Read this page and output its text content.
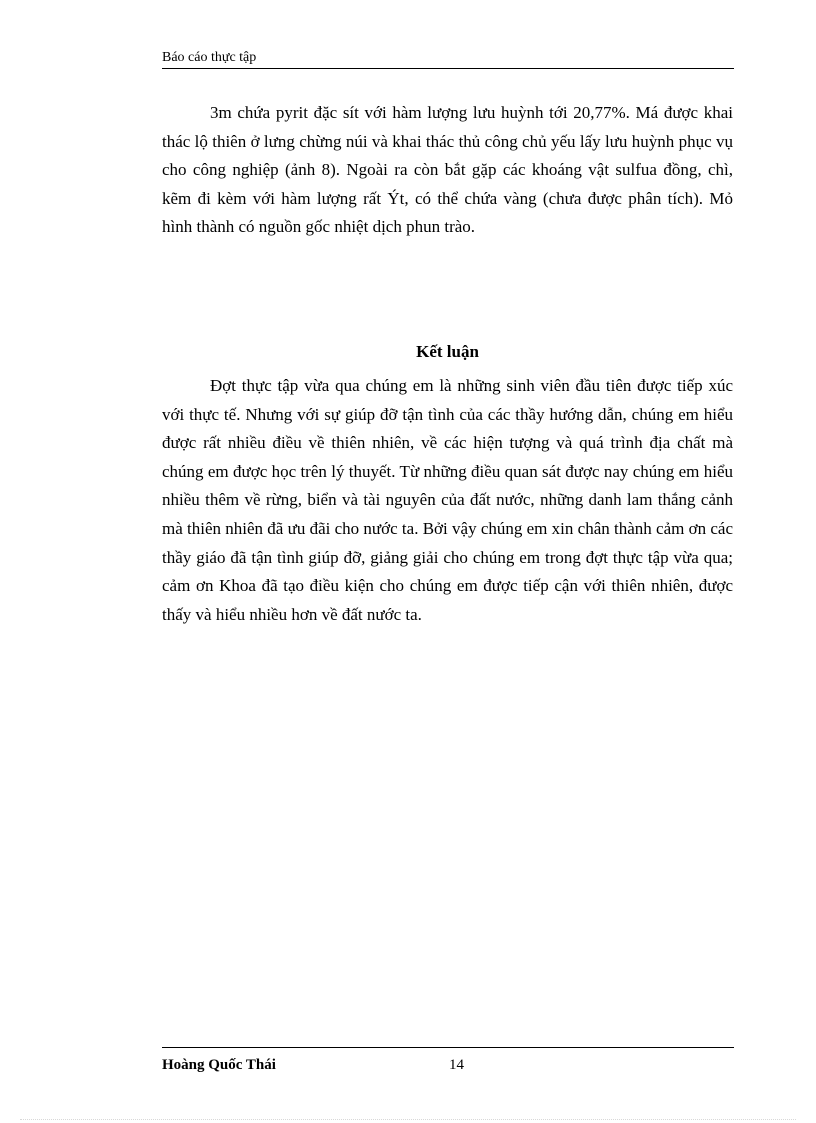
Báo cáo thực tập

3m chứa pyrit đặc sít với hàm lượng lưu huỳnh tới 20,77%. Má được khai thác lộ thiên ở lưng chừng núi và khai thác thủ công chủ yếu lấy lưu huỳnh phục vụ cho công nghiệp (ảnh 8). Ngoài ra còn bắt gặp các khoáng vật sulfua đồng, chì, kẽm đi kèm với hàm lượng rất Ýt, có thể chứa vàng (chưa được phân tích). Mỏ hình thành có nguồn gốc nhiệt dịch phun trào.

Kết luận

Đợt thực tập vừa qua chúng em là những sinh viên đầu tiên được tiếp xúc với thực tế. Nhưng với sự giúp đỡ tận tình của các thầy hướng dẫn, chúng em hiểu được rất nhiều điều về thiên nhiên, về các hiện tượng và quá trình địa chất mà chúng em được học trên lý thuyết. Từ những điều quan sát được nay chúng em hiểu nhiều thêm về rừng, biển và tài nguyên của đất nước, những danh lam thắng cảnh mà thiên nhiên đã ưu đãi cho nước ta. Bởi vậy chúng em xin chân thành cảm ơn các thầy giáo đã tận tình giúp đỡ, giảng giải cho chúng em trong đợt thực tập vừa qua; cảm ơn Khoa đã tạo điều kiện cho chúng em được tiếp cận với thiên nhiên, được thấy và hiểu nhiều hơn về đất nước ta.

Hoàng Quốc Thái	14
